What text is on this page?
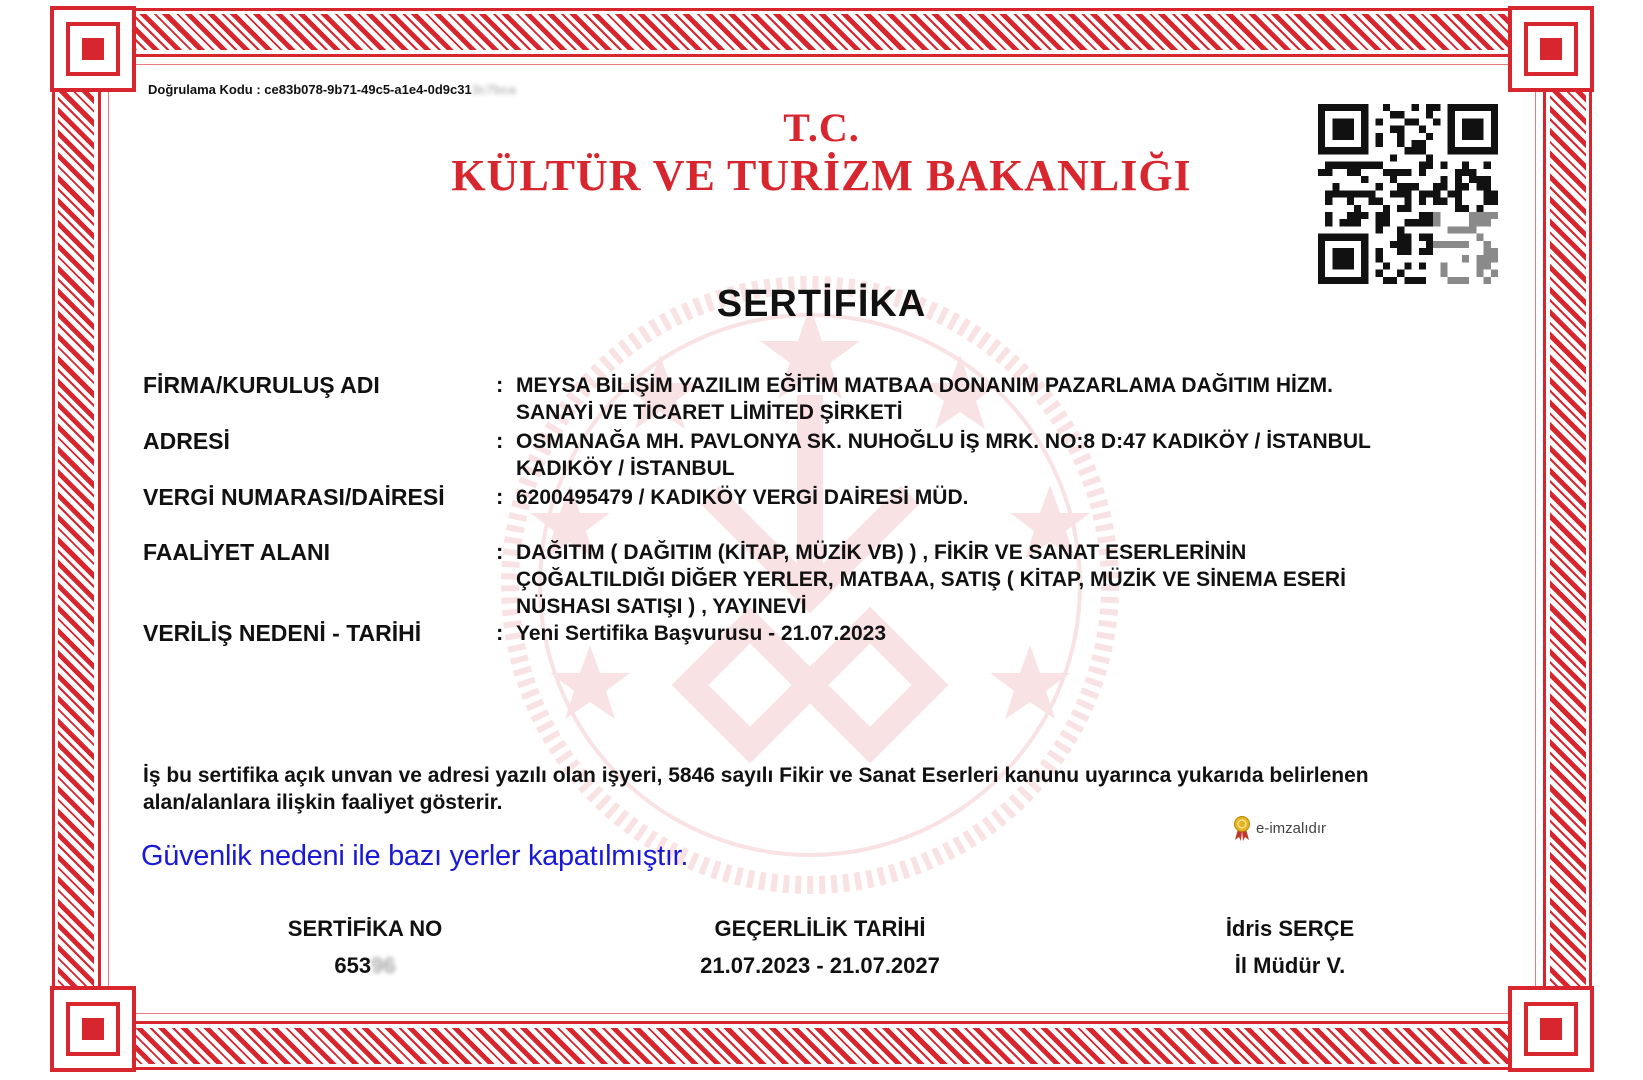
Doğrulama Kodu : ce83b078-9b71-49c5-a1e4-0d9c313c7bca
T.C.
KÜLTÜR VE TURİZM BAKANLIĞI
SERTİFİKA
FİRMA/KURULUŞ ADI	: MEYSA BİLİŞİM YAZILIM EĞİTİM MATBAA DONANIM PAZARLAMA DAĞITIM HİZM.
SANAYİ VE TİCARET LİMİTED ŞİRKETİ
ADRESİ	: OSMANAĞA MH. PAVLONYA SK. NUHOĞLU İŞ MRK. NO:8 D:47 KADIKÖY / İSTANBUL
KADIKÖY / İSTANBUL
VERGİ NUMARASI/DAİRESİ : 6200495479 / KADIKÖY VERGİ DAİRESİ MÜD.
FAALİYET ALANI	: DAĞITIM ( DAĞITIM (KİTAP, MÜZİK VB) ) , FİKİR VE SANAT ESERLERİNİN
ÇOĞALTILDIĞI DİĞER YERLER, MATBAA, SATIŞ ( KİTAP, MÜZİK VE SİNEMA ESERİ
NÜSHASI SATIŞI ) , YAYINEVİ
VERİLİŞ NEDENİ - TARİHİ	: Yeni Sertifika Başvurusu - 21.07.2023
İş bu sertifika açık unvan ve adresi yazılı olan işyeri, 5846 sayılı Fikir ve Sanat Eserleri kanunu uyarınca yukarıda belirlenen
alan/alanlara ilişkin faaliyet gösterir.
e-imzalıdır
Güvenlik nedeni ile bazı yerler kapatılmıştır.
SERTİFİKA NO
65396
GEÇERLİLİK TARİHİ
21.07.2023 - 21.07.2027
İdris SERÇE
İl Müdür V.
